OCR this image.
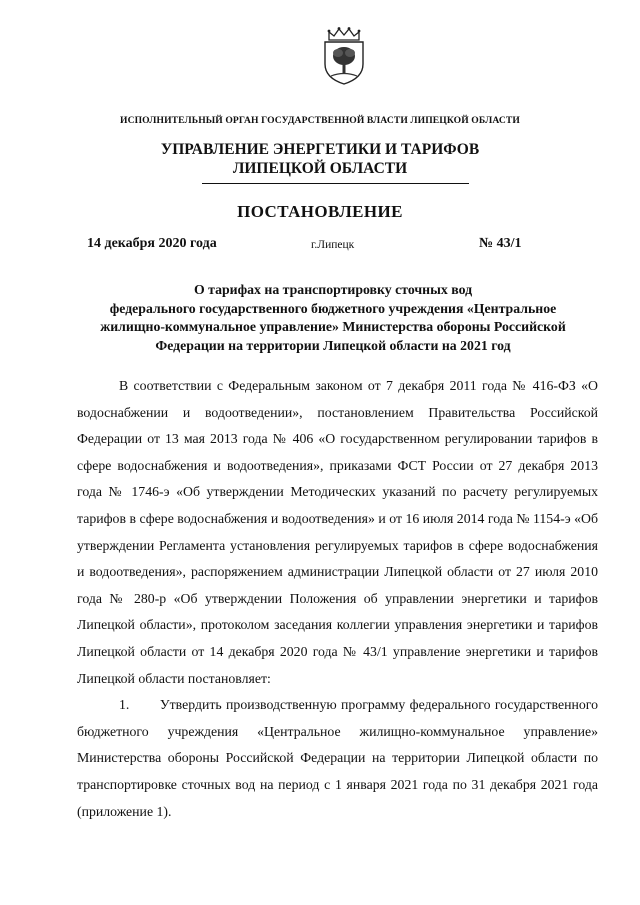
ИСПОЛНИТЕЛЬНЫЙ ОРГАН ГОСУДАРСТВЕННОЙ ВЛАСТИ ЛИПЕЦКОЙ ОБЛАСТИ
УПРАВЛЕНИЕ ЭНЕРГЕТИКИ И ТАРИФОВ
ЛИПЕЦКОЙ ОБЛАСТИ
ПОСТАНОВЛЕНИЕ
14 декабря 2020 года	г.Липецк	№ 43/1
О тарифах на транспортировку сточных вод
федерального государственного бюджетного учреждения «Центральное
жилищно-коммунальное управление» Министерства обороны Российской
Федерации на территории Липецкой области на 2021 год

В соответствии с Федеральным законом от 7 декабря 2011 года № 416-ФЗ «О водоснабжении и водоотведении», постановлением Правительства Российской Федерации от 13 мая 2013 года № 406 «О государственном регулировании тарифов в сфере водоснабжения и водоотведения», приказами ФСТ России от 27 декабря 2013 года № 1746-э «Об утверждении Методических указаний по расчету регулируемых тарифов в сфере водоснабжения и водоотведения» и от 16 июля 2014 года № 1154-э «Об утверждении Регламента установления регулируемых тарифов в сфере водоснабжения и водоотведения», распоряжением администрации Липецкой области от 27 июля 2010 года № 280-р «Об утверждении Положения об управлении энергетики и тарифов Липецкой области», протоколом заседания коллегии управления энергетики и тарифов Липецкой области от 14 декабря 2020 года № 43/1 управление энергетики и тарифов Липецкой области постановляет:

1.       Утвердить производственную программу федерального государственного бюджетного учреждения «Центральное жилищно-коммунальное управление» Министерства обороны Российской Федерации на территории Липецкой области по транспортировке сточных вод на период с 1 января 2021 года по 31 декабря 2021 года (приложение 1).
